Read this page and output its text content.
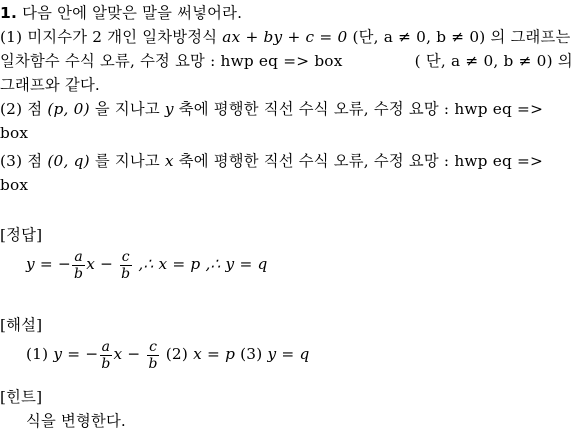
1. 다음 안에 알맞은 말을 써넣어라.
(1) 미지수가 2 개인 일차방정식 ax + by + c = 0 (단, a ≠ 0, b ≠ 0) 의 그래프는
일차함수 수식 오류, 수정 요망 : hwp eq => box	( 단, a ≠ 0, b ≠ 0) 의
그래프와 같다.
(2) 점 (p, 0) 을 지나고 y 축에 평행한 직선 수식 오류, 수정 요망 : hwp eq =>
box
(3) 점 (0, q) 를 지나고 x 축에 평행한 직선 수식 오류, 수정 요망 : hwp eq =>
box
[정답]
y = − $\frac{a}{b}$ $x - \frac{c}{b}$ ,∴ x = p ,∴ y = q
[해설]
(1) y = − $\frac{a}{b}$ $x - \frac{c}{b} (2) x = p$ (3) y = q
[힌트]
식을 변형한다.
